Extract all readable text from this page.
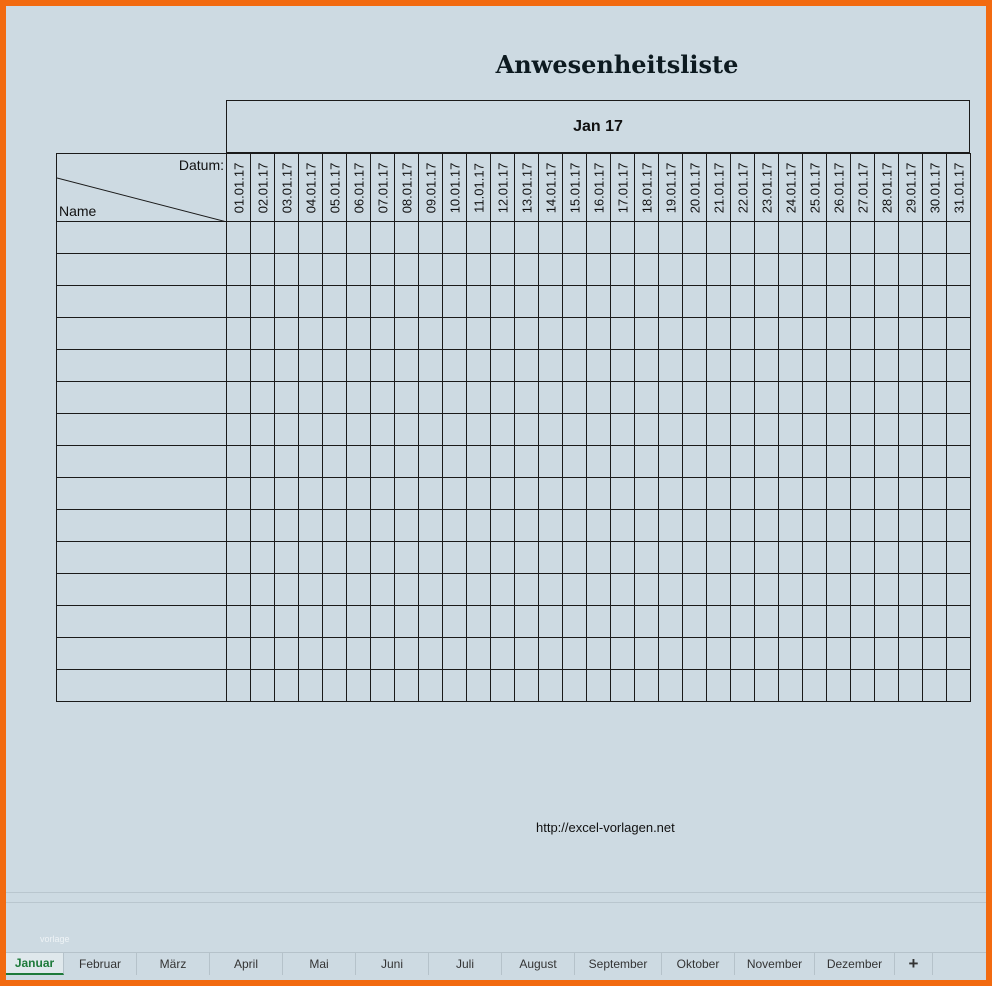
Anwesenheitsliste
Jan 17
Datum:
Name	01.01.17	02.01.17	03.01.17	04.01.17	05.01.17	06.01.17	07.01.17	08.01.17	09.01.17	10.01.17	11.01.17	12.01.17	13.01.17	14.01.17	15.01.17	16.01.17	17.01.17	18.01.17	19.01.17	20.01.17	21.01.17	22.01.17	23.01.17	24.01.17	25.01.17	26.01.17	27.01.17	28.01.17	29.01.17	30.01.17	31.01.17

http://excel-vorlagen.net
vorlage
Januar	Februar	März	April	Mai	Juni	Juli	August	September	Oktober	November	Dezember	+
